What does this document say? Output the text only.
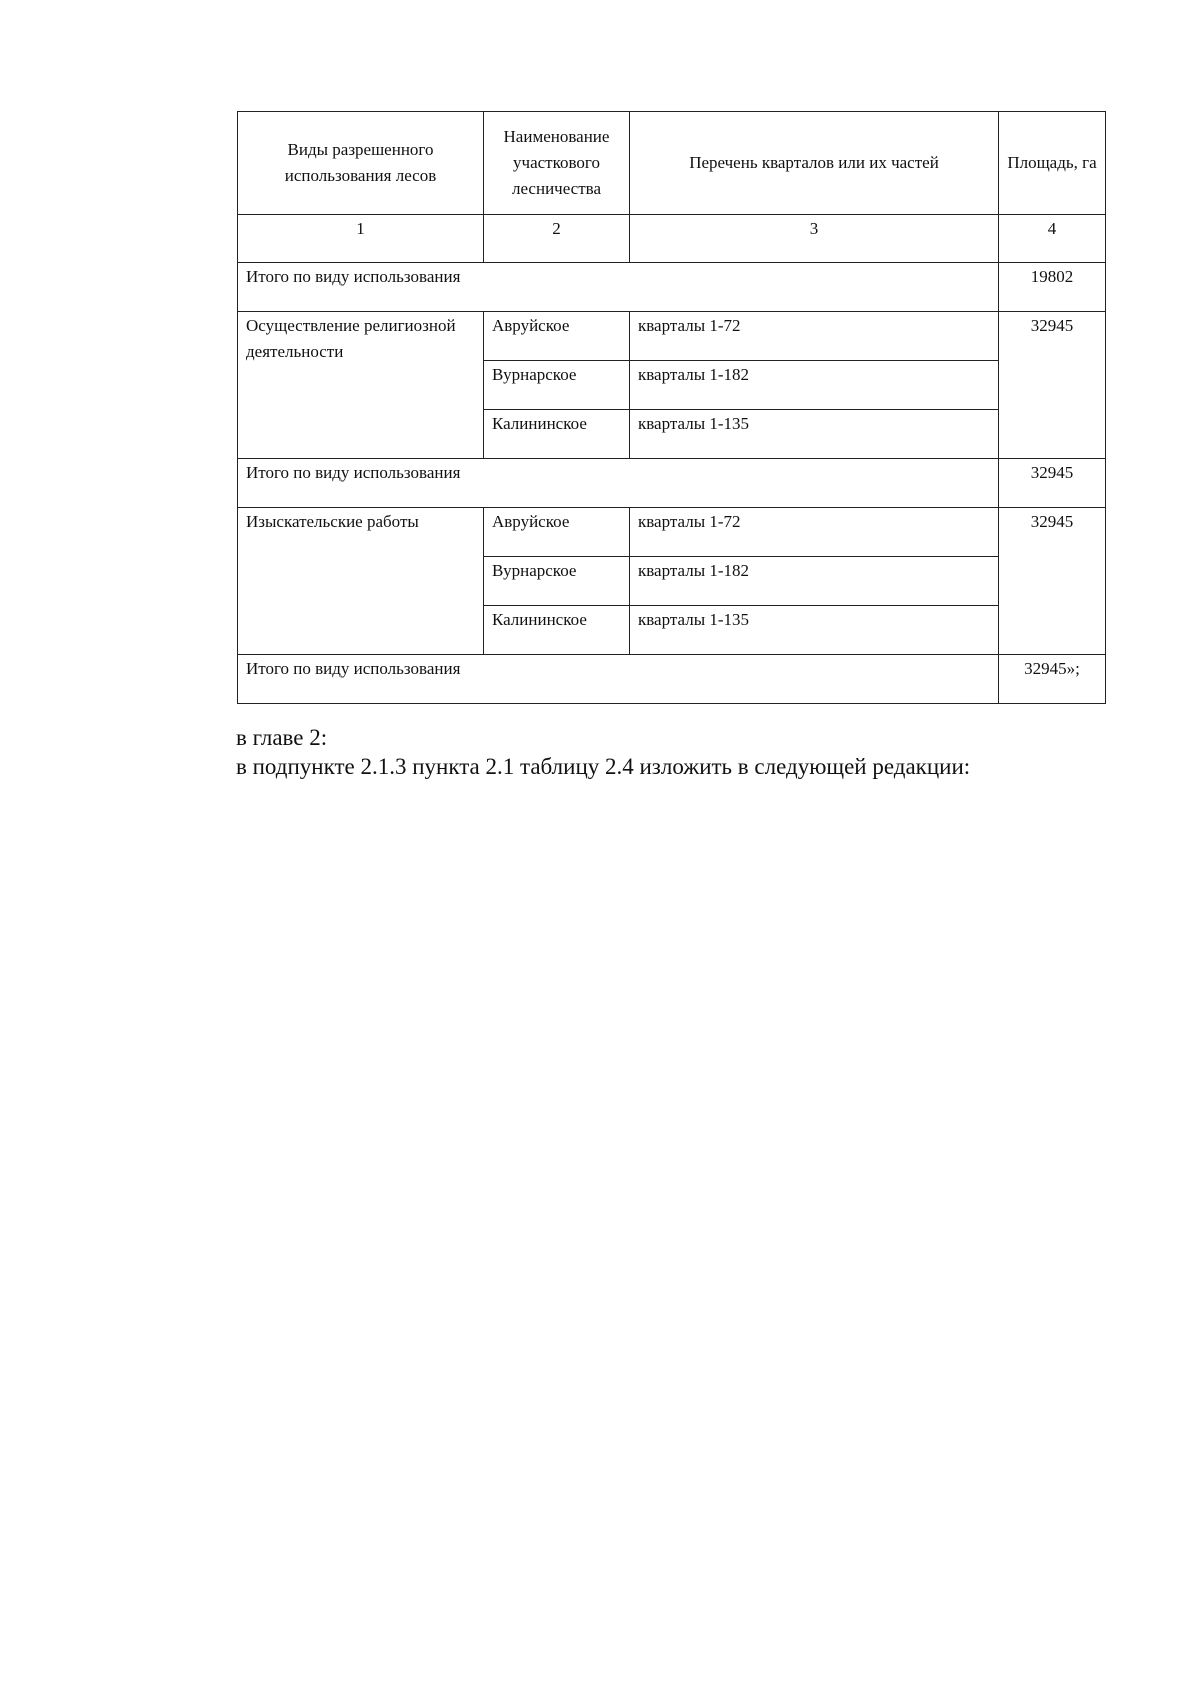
Виды разрешенного использования лесов	Наименование участкового лесничества	Перечень кварталов или их частей	Площадь, га
1	2	3	4
Итого по виду использования			19802
Осуществление религиозной деятельности	Авруйское	кварталы 1-72	32945
	Вурнарское	кварталы 1-182	
	Калининское	кварталы 1-135	
Итого по виду использования			32945
Изыскательские работы	Авруйское	кварталы 1-72	32945
	Вурнарское	кварталы 1-182	
	Калининское	кварталы 1-135	
Итого по виду использования			32945»;
в главе 2:
в подпункте 2.1.3 пункта 2.1 таблицу 2.4 изложить в следующей редакции:
